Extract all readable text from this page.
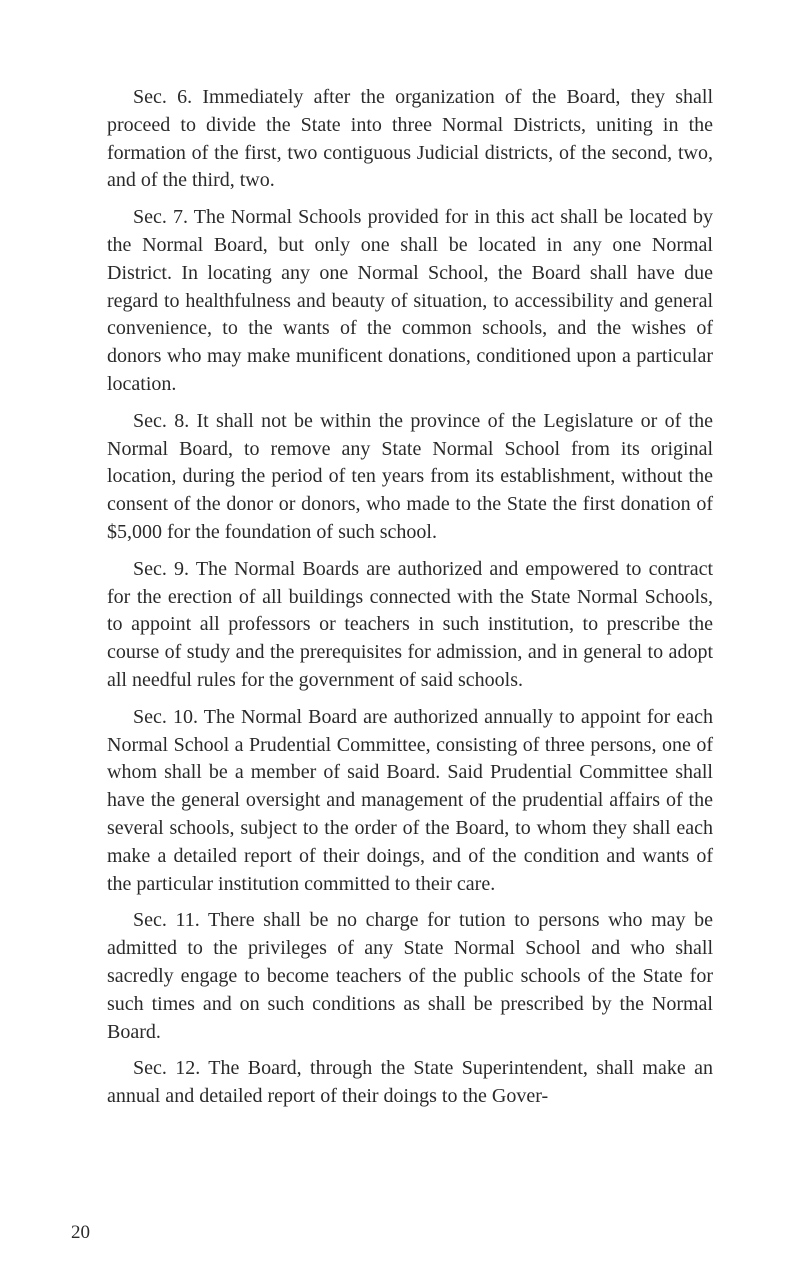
Sec. 6. Immediately after the organization of the Board, they shall proceed to divide the State into three Normal Districts, uniting in the formation of the first, two contiguous Judicial districts, of the second, two, and of the third, two.

Sec. 7. The Normal Schools provided for in this act shall be located by the Normal Board, but only one shall be located in any one Normal District. In locating any one Normal School, the Board shall have due regard to healthfulness and beauty of situation, to accessibility and general convenience, to the wants of the common schools, and the wishes of donors who may make munificent donations, conditioned upon a particular location.

Sec. 8. It shall not be within the province of the Legislature or of the Normal Board, to remove any State Normal School from its original location, during the period of ten years from its establishment, without the consent of the donor or donors, who made to the State the first donation of $5,000 for the foundation of such school.

Sec. 9. The Normal Boards are authorized and empowered to contract for the erection of all buildings connected with the State Normal Schools, to appoint all professors or teachers in such institution, to prescribe the course of study and the prerequisites for admission, and in general to adopt all needful rules for the government of said schools.

Sec. 10. The Normal Board are authorized annually to appoint for each Normal School a Prudential Committee, consisting of three persons, one of whom shall be a member of said Board. Said Prudential Committee shall have the general oversight and management of the prudential affairs of the several schools, subject to the order of the Board, to whom they shall each make a detailed report of their doings, and of the condition and wants of the particular institution committed to their care.

Sec. 11. There shall be no charge for tution to persons who may be admitted to the privileges of any State Normal School and who shall sacredly engage to become teachers of the public schools of the State for such times and on such conditions as shall be prescribed by the Normal Board.

Sec. 12. The Board, through the State Superintendent, shall make an annual and detailed report of their doings to the Gover-

20
